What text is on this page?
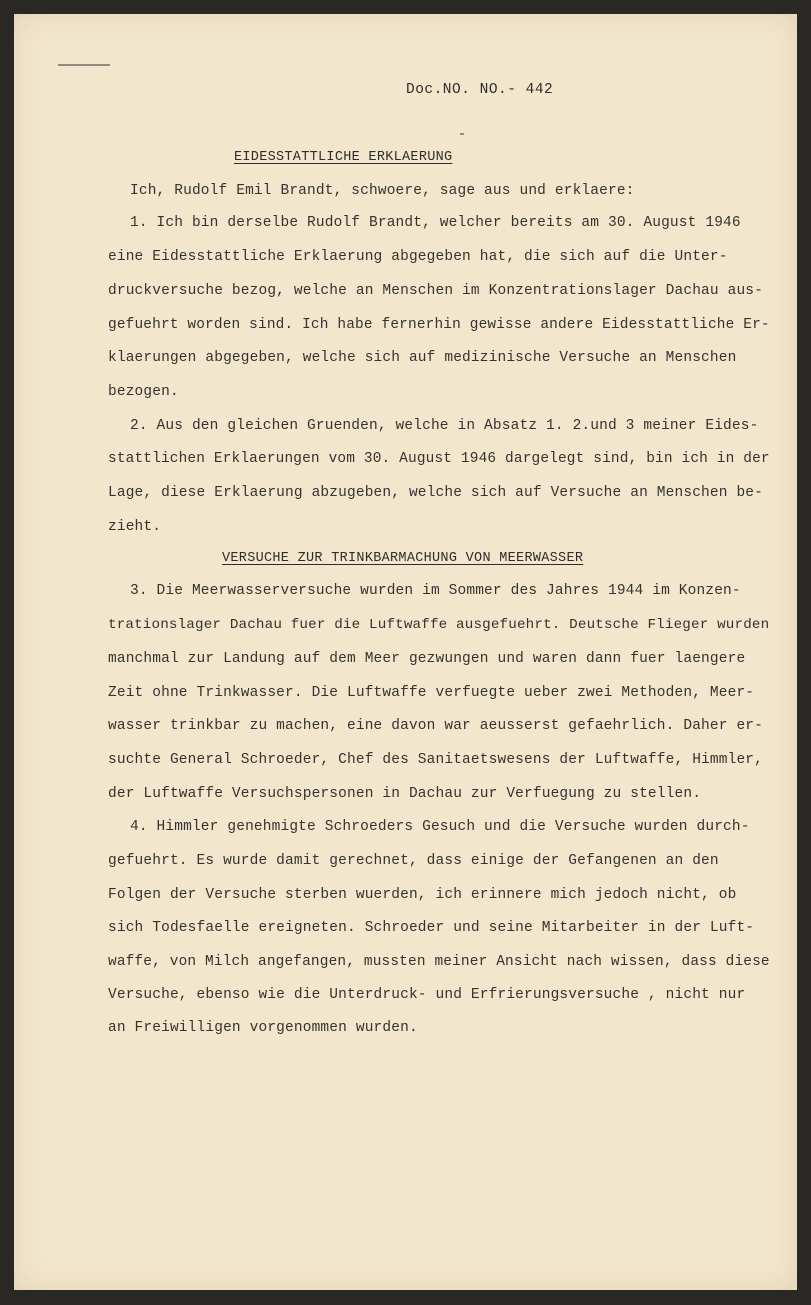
Doc.NO. NO.- 442
EIDESSTATTLICHE ERKLAERUNG
Ich, Rudolf Emil Brandt, schwoere, sage aus und erklaere:
1. Ich bin derselbe Rudolf Brandt, welcher bereits am 30. August 1946
eine Eidesstattliche Erklaerung abgegeben hat, die sich auf die Unter-
druckversuche bezog, welche an Menschen im Konzentrationslager Dachau aus-
gefuehrt worden sind. Ich habe fernerhin gewisse andere Eidesstattliche Er-
klaerungen abgegeben, welche sich auf medizinische Versuche an Menschen
bezogen.
2. Aus den gleichen Gruenden, welche in Absatz 1. 2.und 3 meiner Eides-
stattlichen Erklaerungen vom 30. August 1946 dargelegt sind, bin ich in der
Lage, diese Erklaerung abzugeben, welche sich auf Versuche an Menschen be-
zieht.
VERSUCHE ZUR TRINKBARMACHUNG VON MEERWASSER
3. Die Meerwasserversuche wurden im Sommer des Jahres 1944 im Konzen-
trationslager Dachau fuer die Luftwaffe ausgefuehrt. Deutsche Flieger wurden
manchmal zur Landung auf dem Meer gezwungen und waren dann fuer laengere
Zeit ohne Trinkwasser. Die Luftwaffe verfuegte ueber zwei Methoden, Meer-
wasser trinkbar zu machen, eine davon war aeusserst gefaehrlich. Daher er-
suchte General Schroeder, Chef des Sanitaetswesens der Luftwaffe, Himmler,
der Luftwaffe Versuchspersonen in Dachau zur Verfuegung zu stellen.
4. Himmler genehmigte Schroeders Gesuch und die Versuche wurden durch-
gefuehrt. Es wurde damit gerechnet, dass einige der Gefangenen an den
Folgen der Versuche sterben wuerden, ich erinnere mich jedoch nicht, ob
sich Todesfaelle ereigneten. Schroeder und seine Mitarbeiter in der Luft-
waffe, von Milch angefangen, mussten meiner Ansicht nach wissen, dass diese
Versuche, ebenso wie die Unterdruck- und Erfrierungsversuche , nicht nur
an Freiwilligen vorgenommen wurden.
